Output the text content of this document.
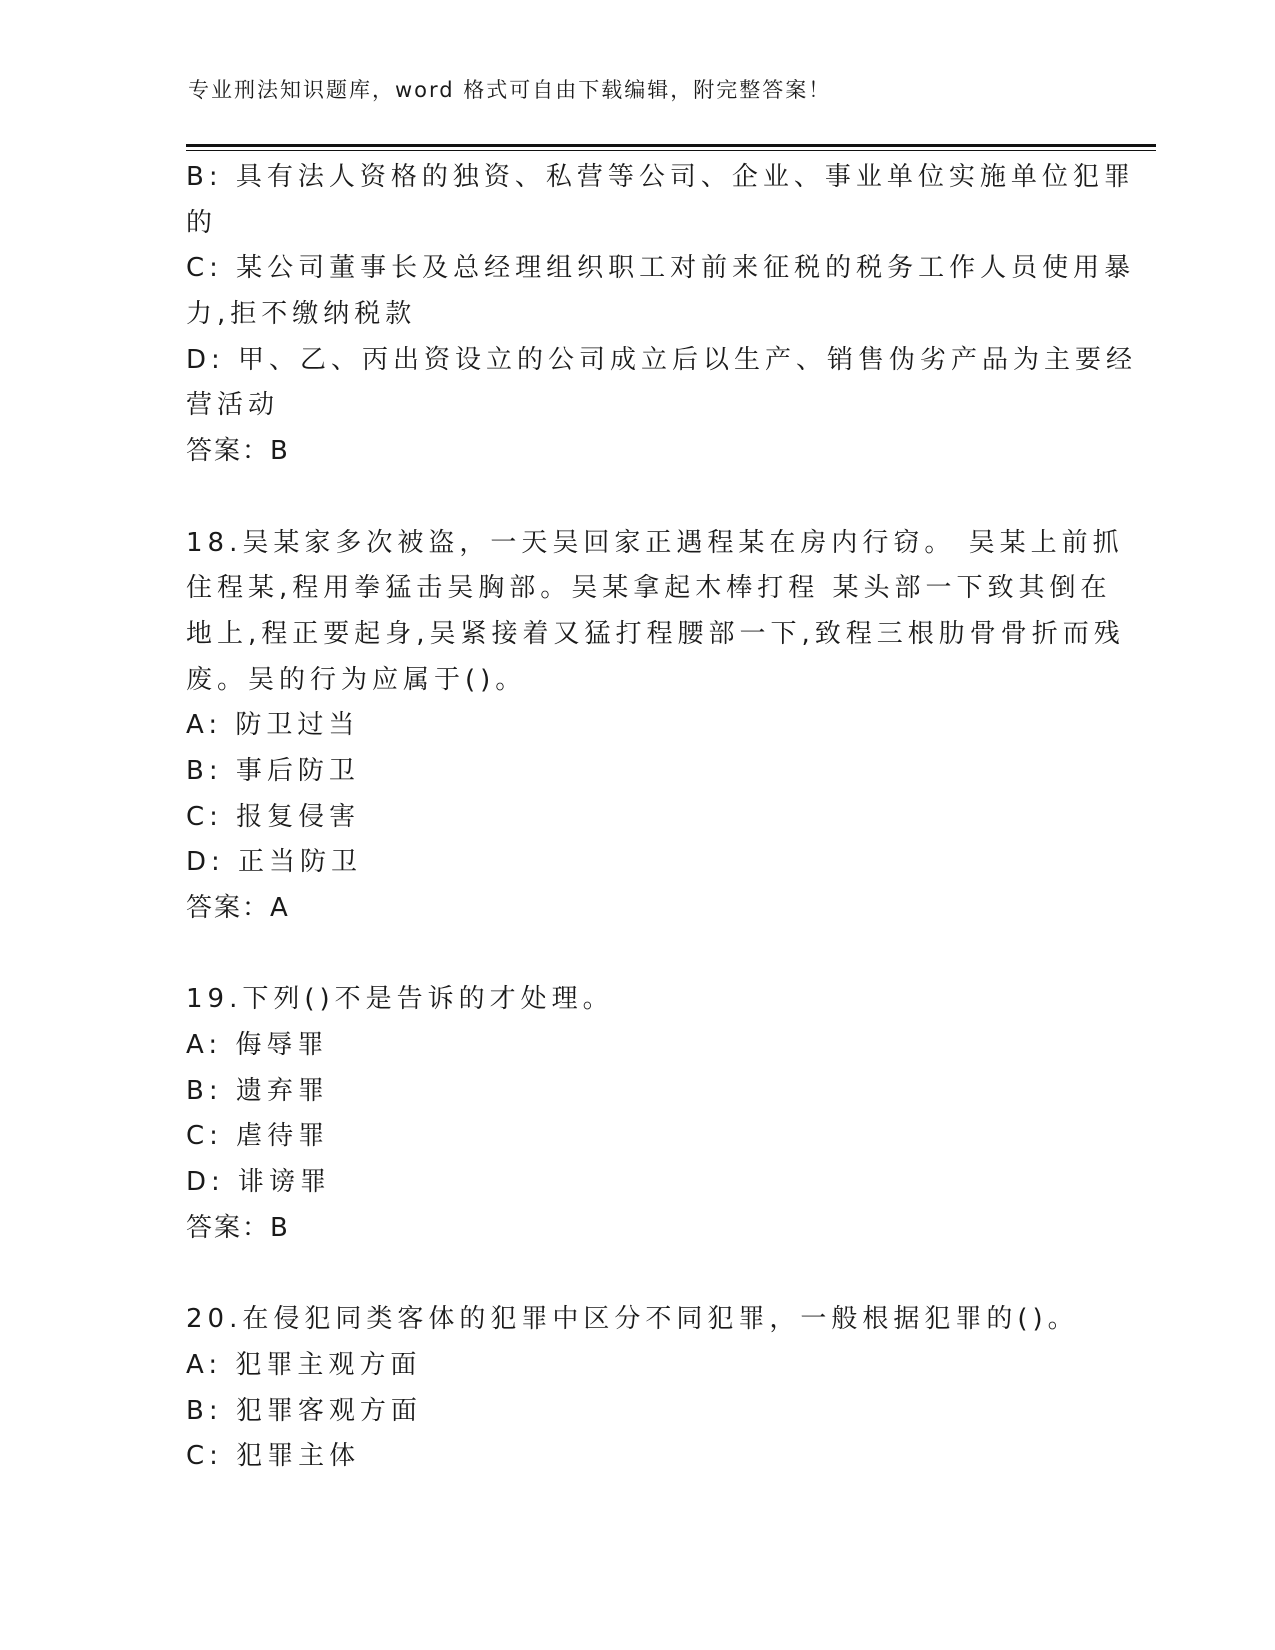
专业刑法知识题库，word 格式可自由下载编辑，附完整答案！
B: 具有法人资格的独资、私营等公司、企业、事业单位实施单位犯罪
的
C: 某公司董事长及总经理组织职工对前来征税的税务工作人员使用暴
力,拒不缴纳税款
D: 甲、乙、丙出资设立的公司成立后以生产、销售伪劣产品为主要经
营活动
答案：B
18.吴某家多次被盗，一天吴回家正遇程某在房内行窃。 吴某上前抓
住程某,程用拳猛击吴胸部。吴某拿起木棒打程 某头部一下致其倒在
地上,程正要起身,吴紧接着又猛打程腰部一下,致程三根肋骨骨折而残
废。吴的行为应属于()。
A: 防卫过当
B: 事后防卫
C: 报复侵害
D: 正当防卫
答案：A
19.下列()不是告诉的才处理。
A: 侮辱罪
B: 遗弃罪
C: 虐待罪
D: 诽谤罪
答案：B
20.在侵犯同类客体的犯罪中区分不同犯罪，一般根据犯罪的()。
A: 犯罪主观方面
B: 犯罪客观方面
C: 犯罪主体
